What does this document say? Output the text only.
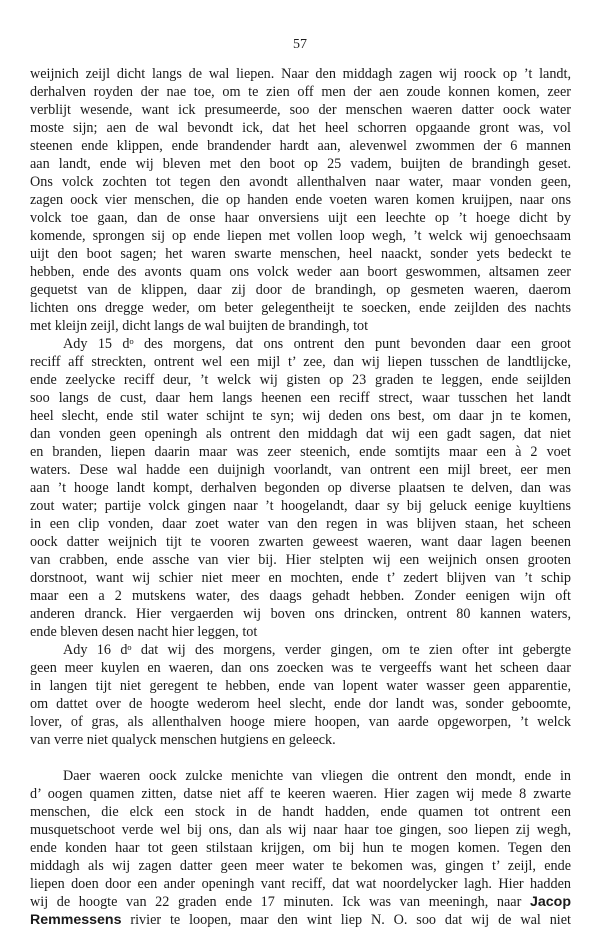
57
weijnich zeijl dicht langs de wal liepen. Naar den middagh zagen wij roock op ’t landt,
derhalven royden der nae toe, om te zien off men der aen zoude konnen komen, zeer
verblijt wesende, want ick presumeerde, soo der menschen waeren datter oock water
moste sijn; aen de wal bevondt ick, dat het heel schorren opgaande gront was, vol
steenen ende klippen, ende brandender hardt aan, alevenwel zwommen der 6 mannen
aan landt, ende wij bleven met den boot op 25 vadem, buijten de brandingh geset.
Ons volck zochten tot tegen den avondt allenthalven naar water, maar vonden geen,
zagen oock vier menschen, die op handen ende voeten waren komen kruijpen, naar ons
volck toe gaan, dan de onse haar onversiens uijt een leechte op ’t hoege dicht by
komende, sprongen sij op ende liepen met vollen loop wegh, ’t welck wij genoechsaam
uijt den boot sagen; het waren swarte menschen, heel naackt, sonder yets bedeckt te
hebben, ende des avonts quam ons volck weder aan boort geswommen, altsamen zeer
gequetst van de klippen, daar zij door de brandingh, op gesmeten waeren, daerom
lichten ons dregge weder, om beter gelegentheijt te soecken, ende zeijlden des nachts
met kleijn zeijl, dicht langs de wal buijten de brandingh, tot
Ady 15 dᵒ des morgens, dat ons ontrent den punt bevonden daar een groot
reciff aff streckten, ontrent wel een mijl t’ zee, dan wij liepen tusschen de landtlijcke,
ende zeelycke reciff deur, ’t welck wij gisten op 23 graden te leggen, ende seijlden
soo langs de cust, daar hem langs heenen een reciff strect, waar tusschen het landt
heel slecht, ende stil water schijnt te syn; wij deden ons best, om daar jn te komen,
dan vonden geen openingh als ontrent den middagh dat wij een gadt sagen, dat niet
en branden, liepen daarin maar was zeer steenich, ende somtijts maar een à 2 voet
waters. Dese wal hadde een duijnigh voorlandt, van ontrent een mijl breet, eer men
aan ’t hooge landt kompt, derhalven begonden op diverse plaatsen te delven, dan was
zout water; partije volck gingen naar ’t hoogelandt, daar sy bij geluck eenige kuyltiens
in een clip vonden, daar zoet water van den regen in was blijven staan, het scheen
oock datter weijnich tijt te vooren zwarten geweest waeren, want daar lagen beenen
van crabben, ende assche van vier bij. Hier stelpten wij een weijnich onsen grooten
dorstnoot, want wij schier niet meer en mochten, ende t’ zedert blijven van ’t schip
maar een a 2 mutskens water, des daags gehadt hebben. Zonder eenigen wijn oft
anderen dranck. Hier vergaerden wij boven ons drincken, ontrent 80 kannen waters,
ende bleven desen nacht hier leggen, tot
Ady 16 dᵒ dat wij des morgens, verder gingen, om te zien ofter int gebergte
geen meer kuylen en waeren, dan ons zoecken was te vergeeffs want het scheen daar
in langen tijt niet geregent te hebben, ende van lopent water wasser geen apparentie,
om dattet over de hoogte wederom heel slecht, ende dor landt was, sonder geboomte,
lover, of gras, als allenthalven hooge miere hoopen, van aarde opgeworpen, ’t welck
van verre niet qualyck menschen hutgiens en geleeck.
Daer waeren oock zulcke menichte van vliegen die ontrent den mondt, ende in
d’ oogen quamen zitten, datse niet aff te keeren waeren. Hier zagen wij mede 8 zwarte
menschen, die elck een stock in de handt hadden, ende quamen tot ontrent een
musquetschoot verde wel bij ons, dan als wij naar haar toe gingen, soo liepen zij wegh,
ende konden haar tot geen stilstaan krijgen, om bij hun te mogen komen. Tegen den
middagh als wij zagen datter geen meer water te bekomen was, gingen t’ zeijl, ende
liepen doen door een ander openingh vant reciff, dat wat noordelycker lagh. Hier hadden
wij de hoogte van 22 graden ende 17 minuten. Ick was van meeningh, naar Jacop
Remmessens rivier te loopen, maar den wint liep N. O. soo dat wij de wal niet
